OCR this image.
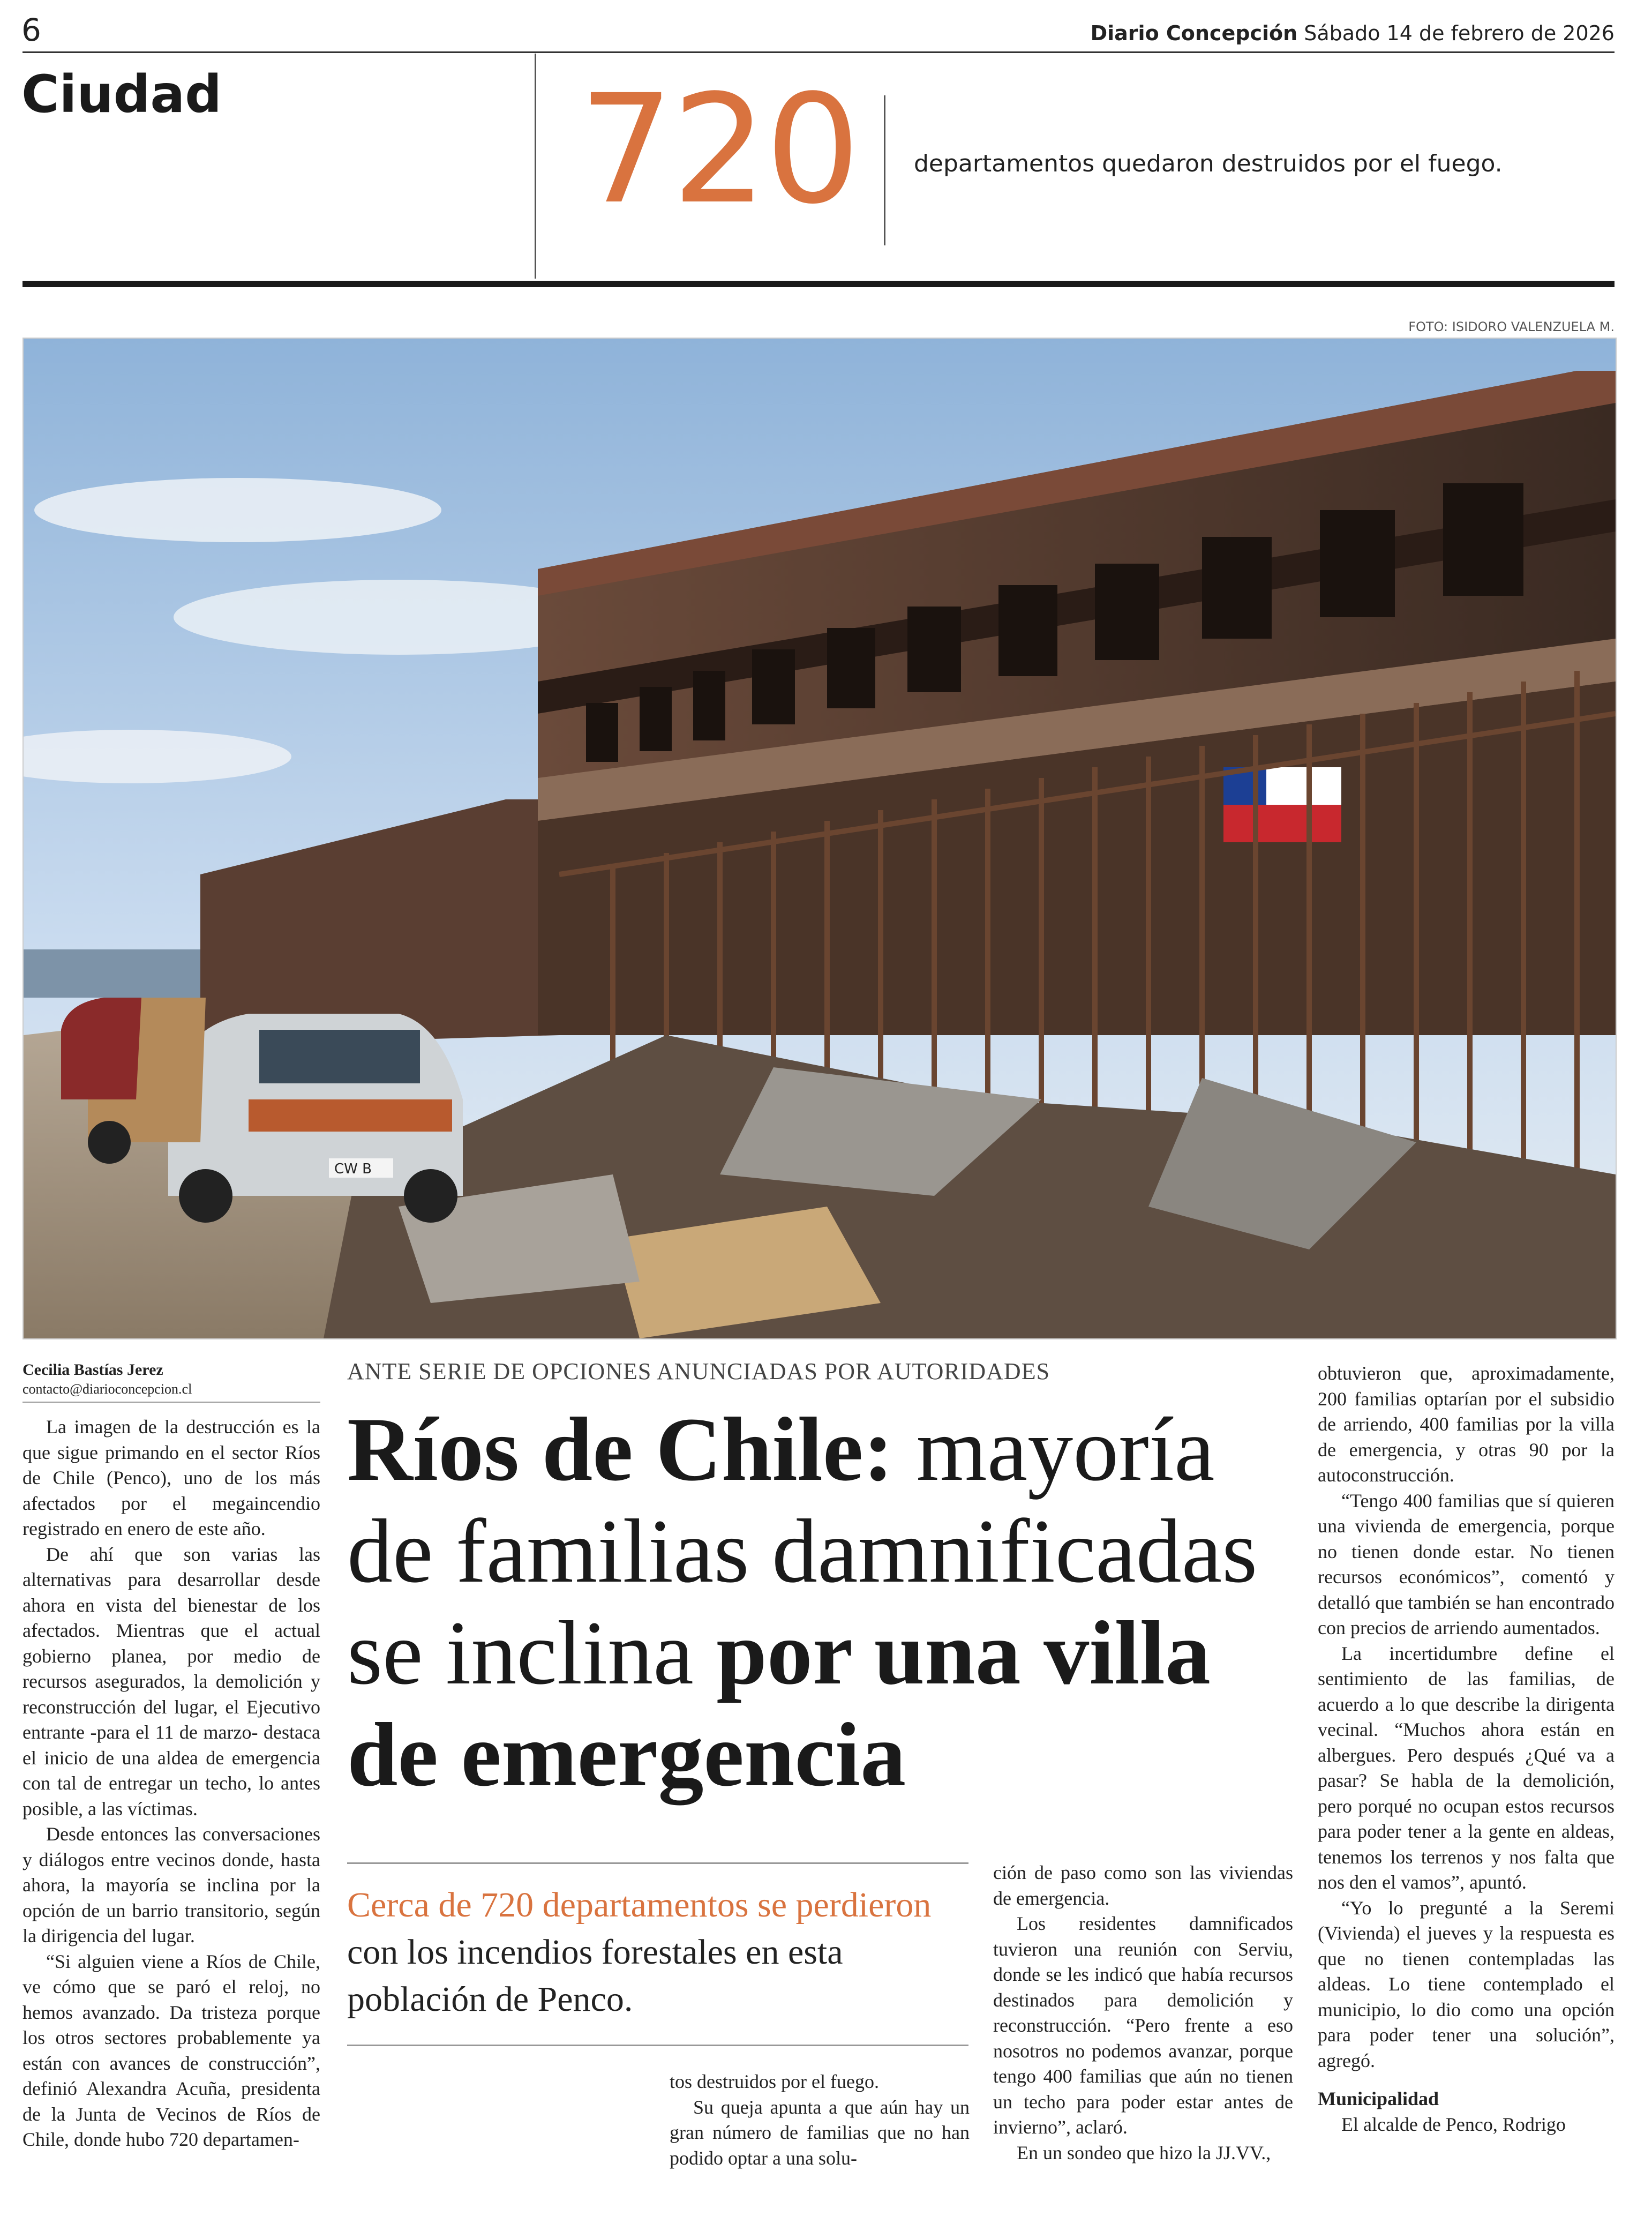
6	Diario Concepción Sábado 14 de febrero de 2026
Ciudad 720 departamentos quedaron destruidos por el fuego.
FOTO: ISIDORO VALENZUELA M.
CW B
Cecilia Bastías Jerez
contacto@diarioconcepcion.cl

La imagen de la destrucción es la que sigue primando en el sector Ríos de Chile (Penco), uno de los más afectados por el megaincendio registrado en enero de este año.

De ahí que son varias las alternativas para desarrollar desde ahora en vista del bienestar de los afectados. Mientras que el actual gobierno planea, por medio de recursos asegurados, la demolición y reconstrucción del lugar, el Ejecutivo entrante -para el 11 de marzo- destaca el inicio de una aldea de emergencia con tal de entregar un techo, lo antes posible, a las víctimas.

Desde entonces las conversaciones y diálogos entre vecinos donde, hasta ahora, la mayoría se inclina por la opción de un barrio transitorio, según la dirigencia del lugar.

“Si alguien viene a Ríos de Chile, ve cómo que se paró el reloj, no hemos avanzado. Da tristeza porque los otros sectores probablemente ya están con avances de construcción”, definió Alexandra Acuña, presidenta de la Junta de Vecinos de Ríos de Chile, donde hubo 720 departamen-

ANTE SERIE DE OPCIONES ANUNCIADAS POR AUTORIDADES
Ríos de Chile: mayoría de familias damnificadas se inclina por una villa de emergencia
Cerca de 720 departamentos se perdieron con los incendios forestales en esta población de Penco.

tos destruidos por el fuego.

Su queja apunta a que aún hay un gran número de familias que no han podido optar a una solu-

ción de paso como son las viviendas de emergencia.

Los residentes damnificados tuvieron una reunión con Serviu, donde se les indicó que había recursos destinados para demolición y reconstrucción. “Pero frente a eso nosotros no podemos avanzar, porque tengo 400 familias que aún no tienen un techo para poder estar antes de invierno”, aclaró.

En un sondeo que hizo la JJ.VV.,

obtuvieron que, aproximadamente, 200 familias optarían por el subsidio de arriendo, 400 familias por la villa de emergencia, y otras 90 por la autoconstrucción.

“Tengo 400 familias que sí quieren una vivienda de emergencia, porque no tienen donde estar. No tienen recursos económicos”, comentó y detalló que también se han encontrado con precios de arriendo aumentados.

La incertidumbre define el sentimiento de las familias, de acuerdo a lo que describe la dirigenta vecinal. “Muchos ahora están en albergues. Pero después ¿Qué va a pasar? Se habla de la demolición, pero porqué no ocupan estos recursos para poder tener a la gente en aldeas, tenemos los terrenos y nos falta que nos den el vamos”, apuntó.

“Yo lo pregunté a la Seremi (Vivienda) el jueves y la respuesta es que no tienen contempladas las aldeas. Lo tiene contemplado el municipio, lo dio como una opción para poder tener una solución”, agregó.

Municipalidad

El alcalde de Penco, Rodrigo
